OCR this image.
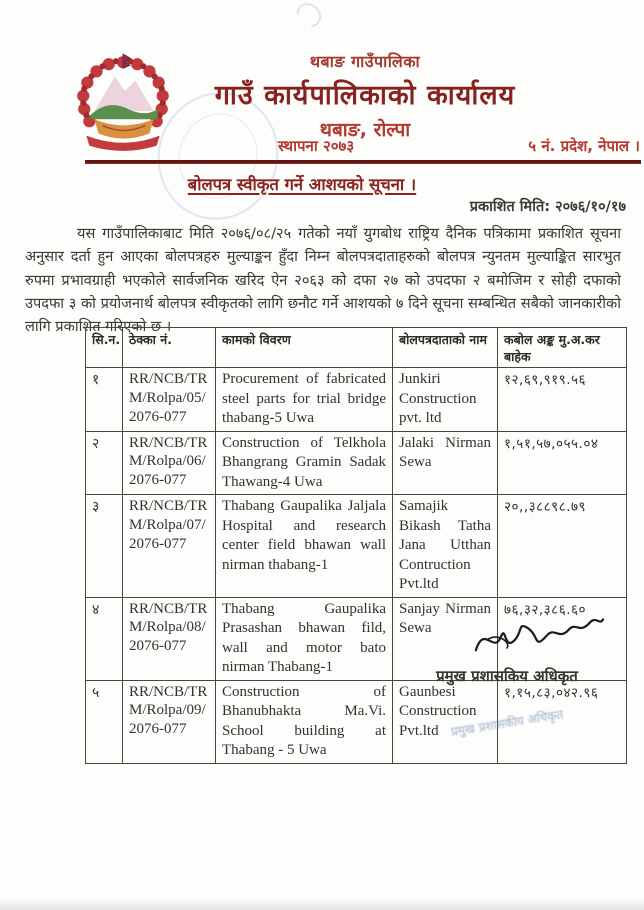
थबाङ गाउँपालिका
गाउँ कार्यपालिकाको कार्यालय
थबाङ, रोल्पा
स्थापना २०७३	५ नं. प्रदेश, नेपाल ।
बोलपत्र स्वीकृत गर्ने आशयको सूचना ।
प्रकाशित मिति: २०७६/१०/१७
यस गाउँपालिकाबाट मिति २०७६/०८/२५ गतेको नयाँ युगबोध राष्ट्रिय दैनिक पत्रिकामा प्रकाशित सूचना अनुसार दर्ता हुन आएका बोलपत्रहरु मुल्याङ्कन हुँदा निम्न बोलपत्रदाताहरुको बोलपत्र न्युनतम मुल्याङ्कित सारभुत रुपमा प्रभावग्राही भएकोले सार्वजनिक खरिद ऐन २०६३ को दफा २७ को उपदफा २ बमोजिम र सोही दफाको उपदफा ३ को प्रयोजनार्थ बोलपत्र स्वीकृतको लागि छनौट गर्ने आशयको ७ दिने सूचना सम्बन्धित सबैको जानकारीको लागि प्रकाशित गरिएको छ ।
सि.न.	ठेक्का नं.	कामको विवरण	बोलपत्रदाताको नाम	कबोल अङ्क मु.अ.कर बाहेक
१	RR/NCB/TRM/Rolpa/05/2076-077	Procurement of fabricated steel parts for trial bridge thabang-5 Uwa	Junkiri Construction pvt. ltd	१२,६९,९१९.५६
२	RR/NCB/TRM/Rolpa/06/2076-077	Construction of Telkhola Bhangrang Gramin Sadak Thawang-4 Uwa	Jalaki Nirman Sewa	१,५१,५७,०५५.०४
३	RR/NCB/TRM/Rolpa/07/2076-077	Thabang Gaupalika Jaljala Hospital and research center field bhawan wall nirman thabang-1	Samajik Bikash Tatha Jana Utthan Contruction Pvt.ltd	२०,,३८८९८.७९
४	RR/NCB/TRM/Rolpa/08/2076-077	Thabang Gaupalika Prasashan bhawan fild, wall and motor bato nirman Thabang-1	Sanjay Nirman Sewa	७६,३२,३८६.६०
५	RR/NCB/TRM/Rolpa/09/2076-077	Construction of Bhanubhakta Ma.Vi. School building at Thabang - 5 Uwa	Gaunbesi Construction Pvt.ltd	१,१५,८३,०४२.९६
प्रमुख प्रशासकिय अधिकृत
प्रमुख प्रशासकीय अधिकृत
